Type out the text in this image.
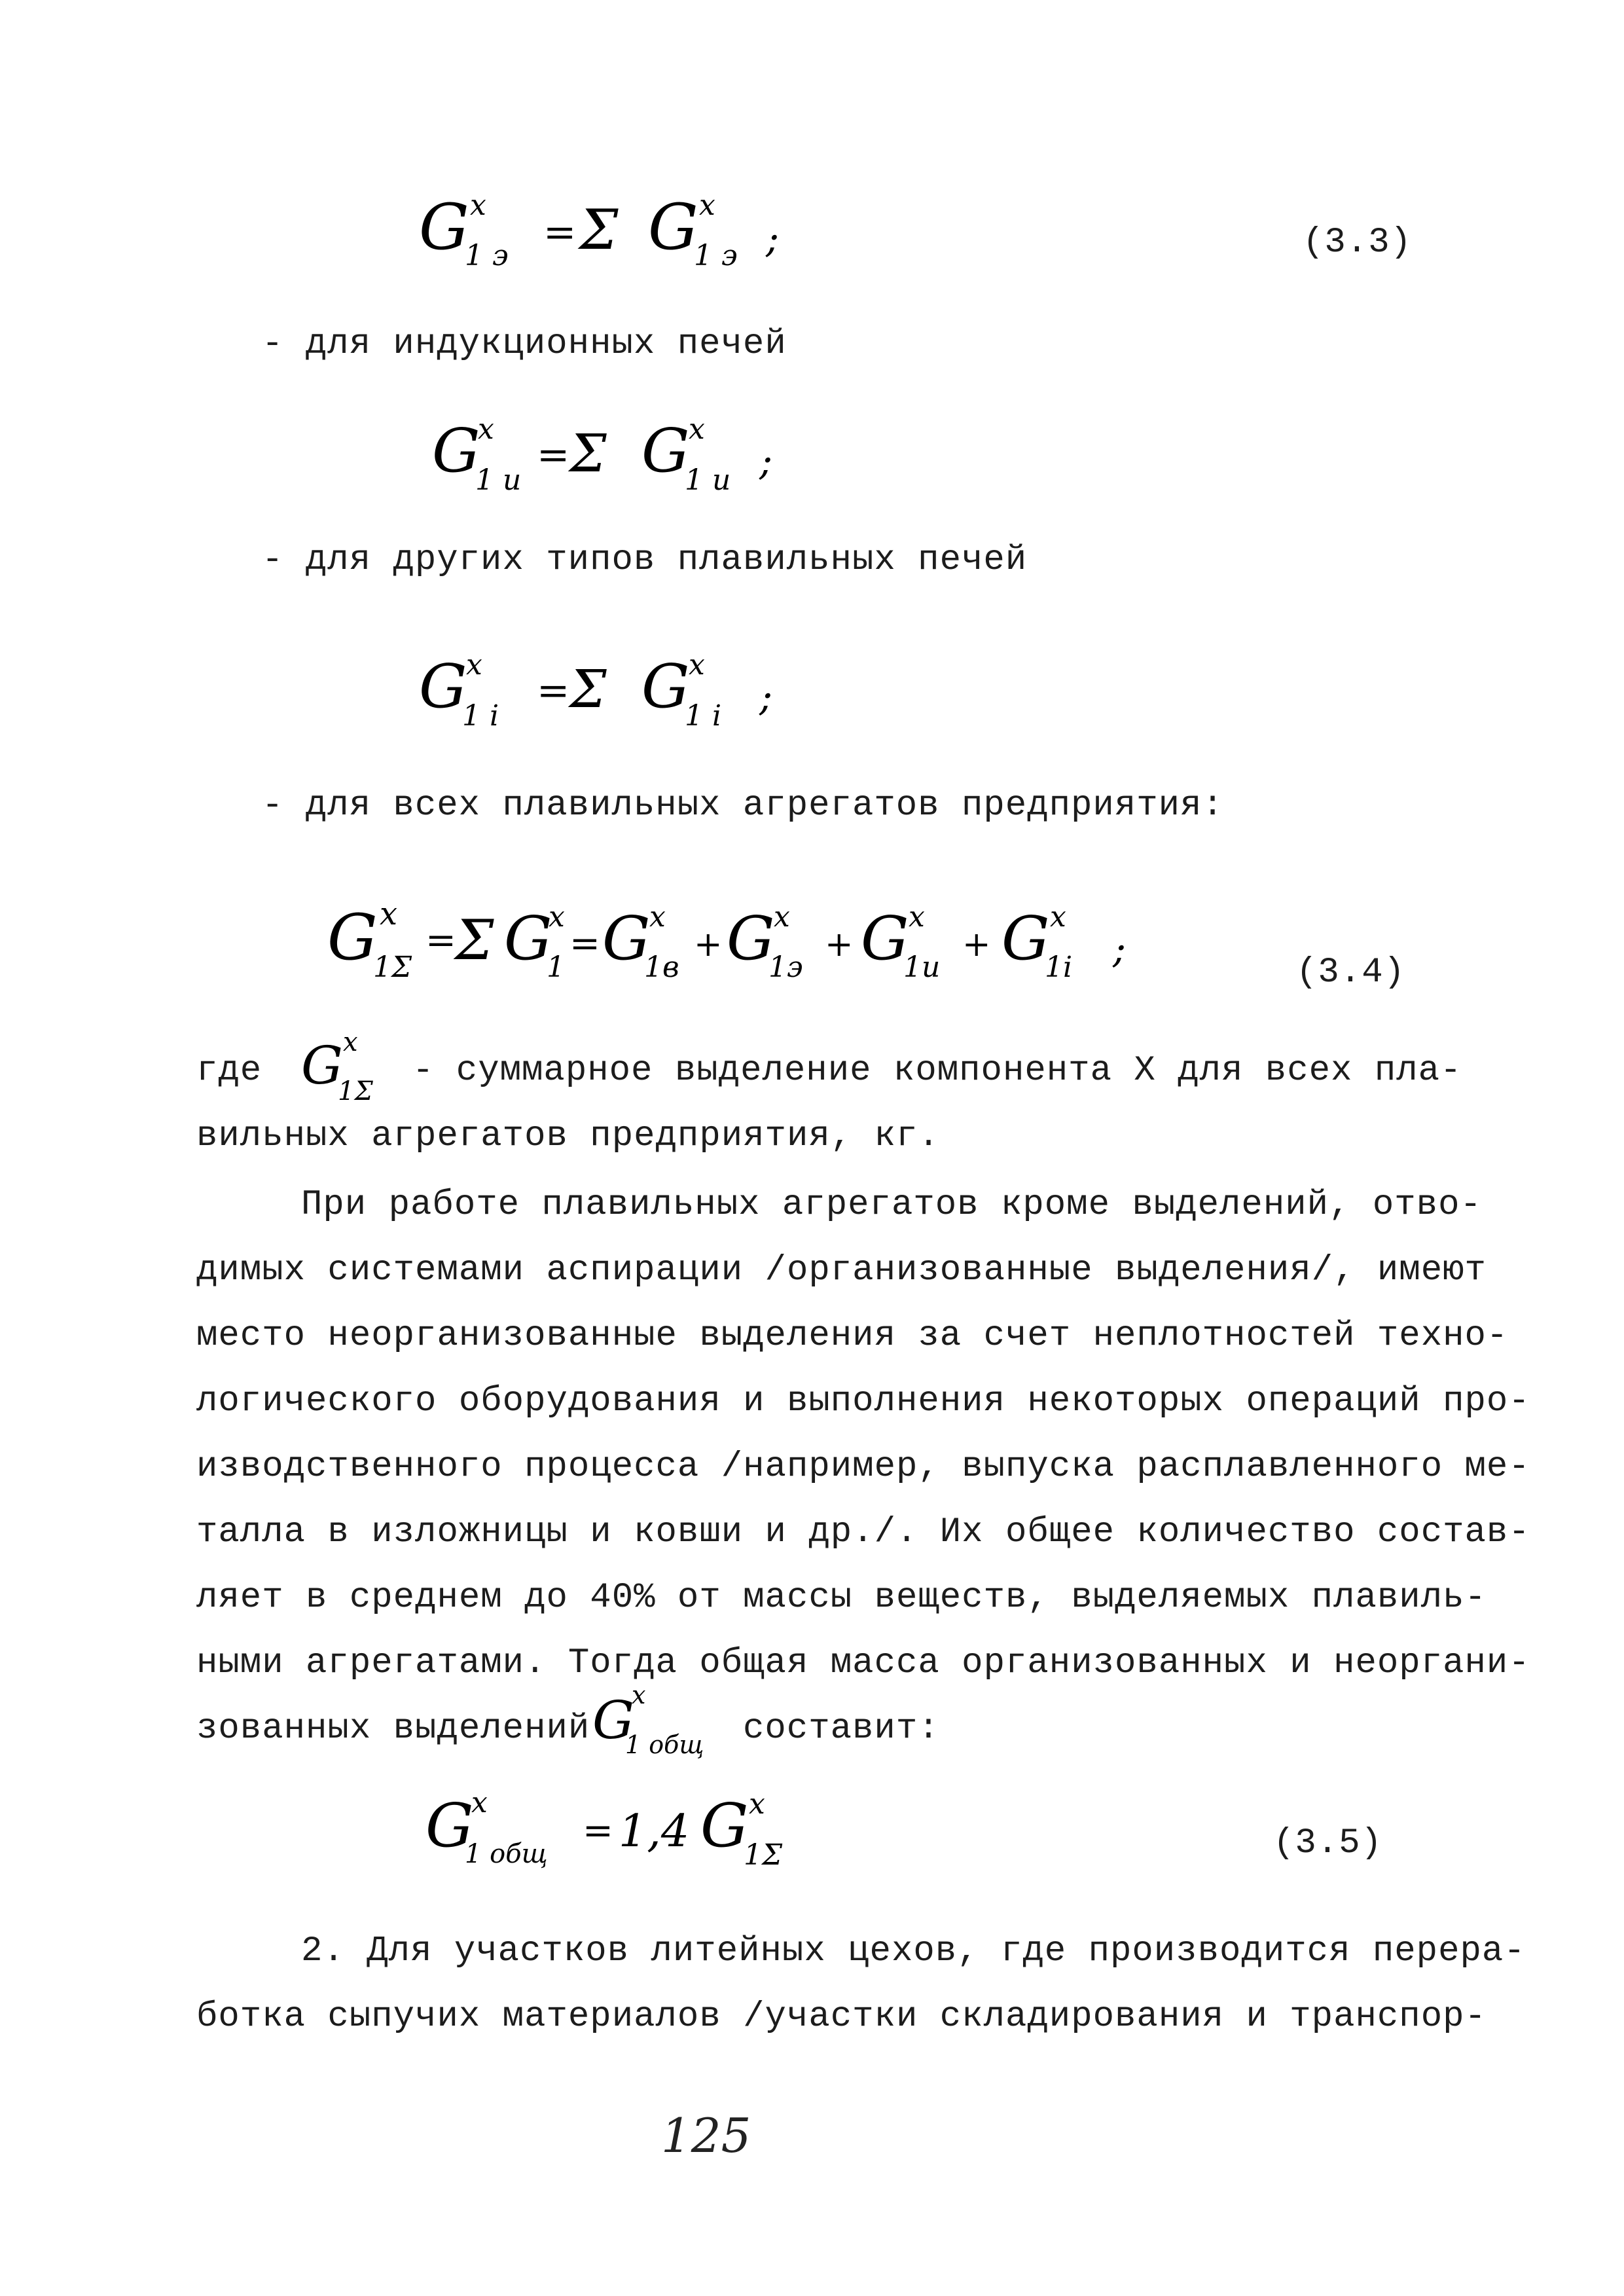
G
1 э
x
= Σ G
1 э
x
;	(3.3)
- для индукционных печей
G
1 и
x
= Σ G
1 и
x
;
- для других типов плавильных печей
G
1 i
x
= Σ G
1 i
x
;
- для всех плавильных агрегатов предприятия:
G
1Σ
x
=
Σ G
1
x
= G
1в
x
+ G
1э
x
+ G
1и
x
+ G
1i
x
;
(3.4)
где G
1Σ
x
- суммарное выделение компонента X для всех пла-
вильных агрегатов предприятия, кг.
При работе плавильных агрегатов кроме выделений, отво-
димых системами аспирации /организованные выделения/, имеют
место неорганизованные выделения за счет неплотностей техно-
логического оборудования и выполнения некоторых операций про-
изводственного процесса /например, выпуска расплавленного ме-
талла в изложницы и ковши и др./. Их общее количество состав-
ляет в среднем до 40% от массы веществ, выделяемых плавиль-
ными агрегатами. Тогда общая масса организованных и неоргани-
зованных выделений G
1 общ
x
составит:
G
1 общ
x
= 1,4 G
1Σ
x
(3.5)
2. Для участков литейных цехов, где производится перера-
ботка сыпучих материалов /участки складирования и транспор-
125
